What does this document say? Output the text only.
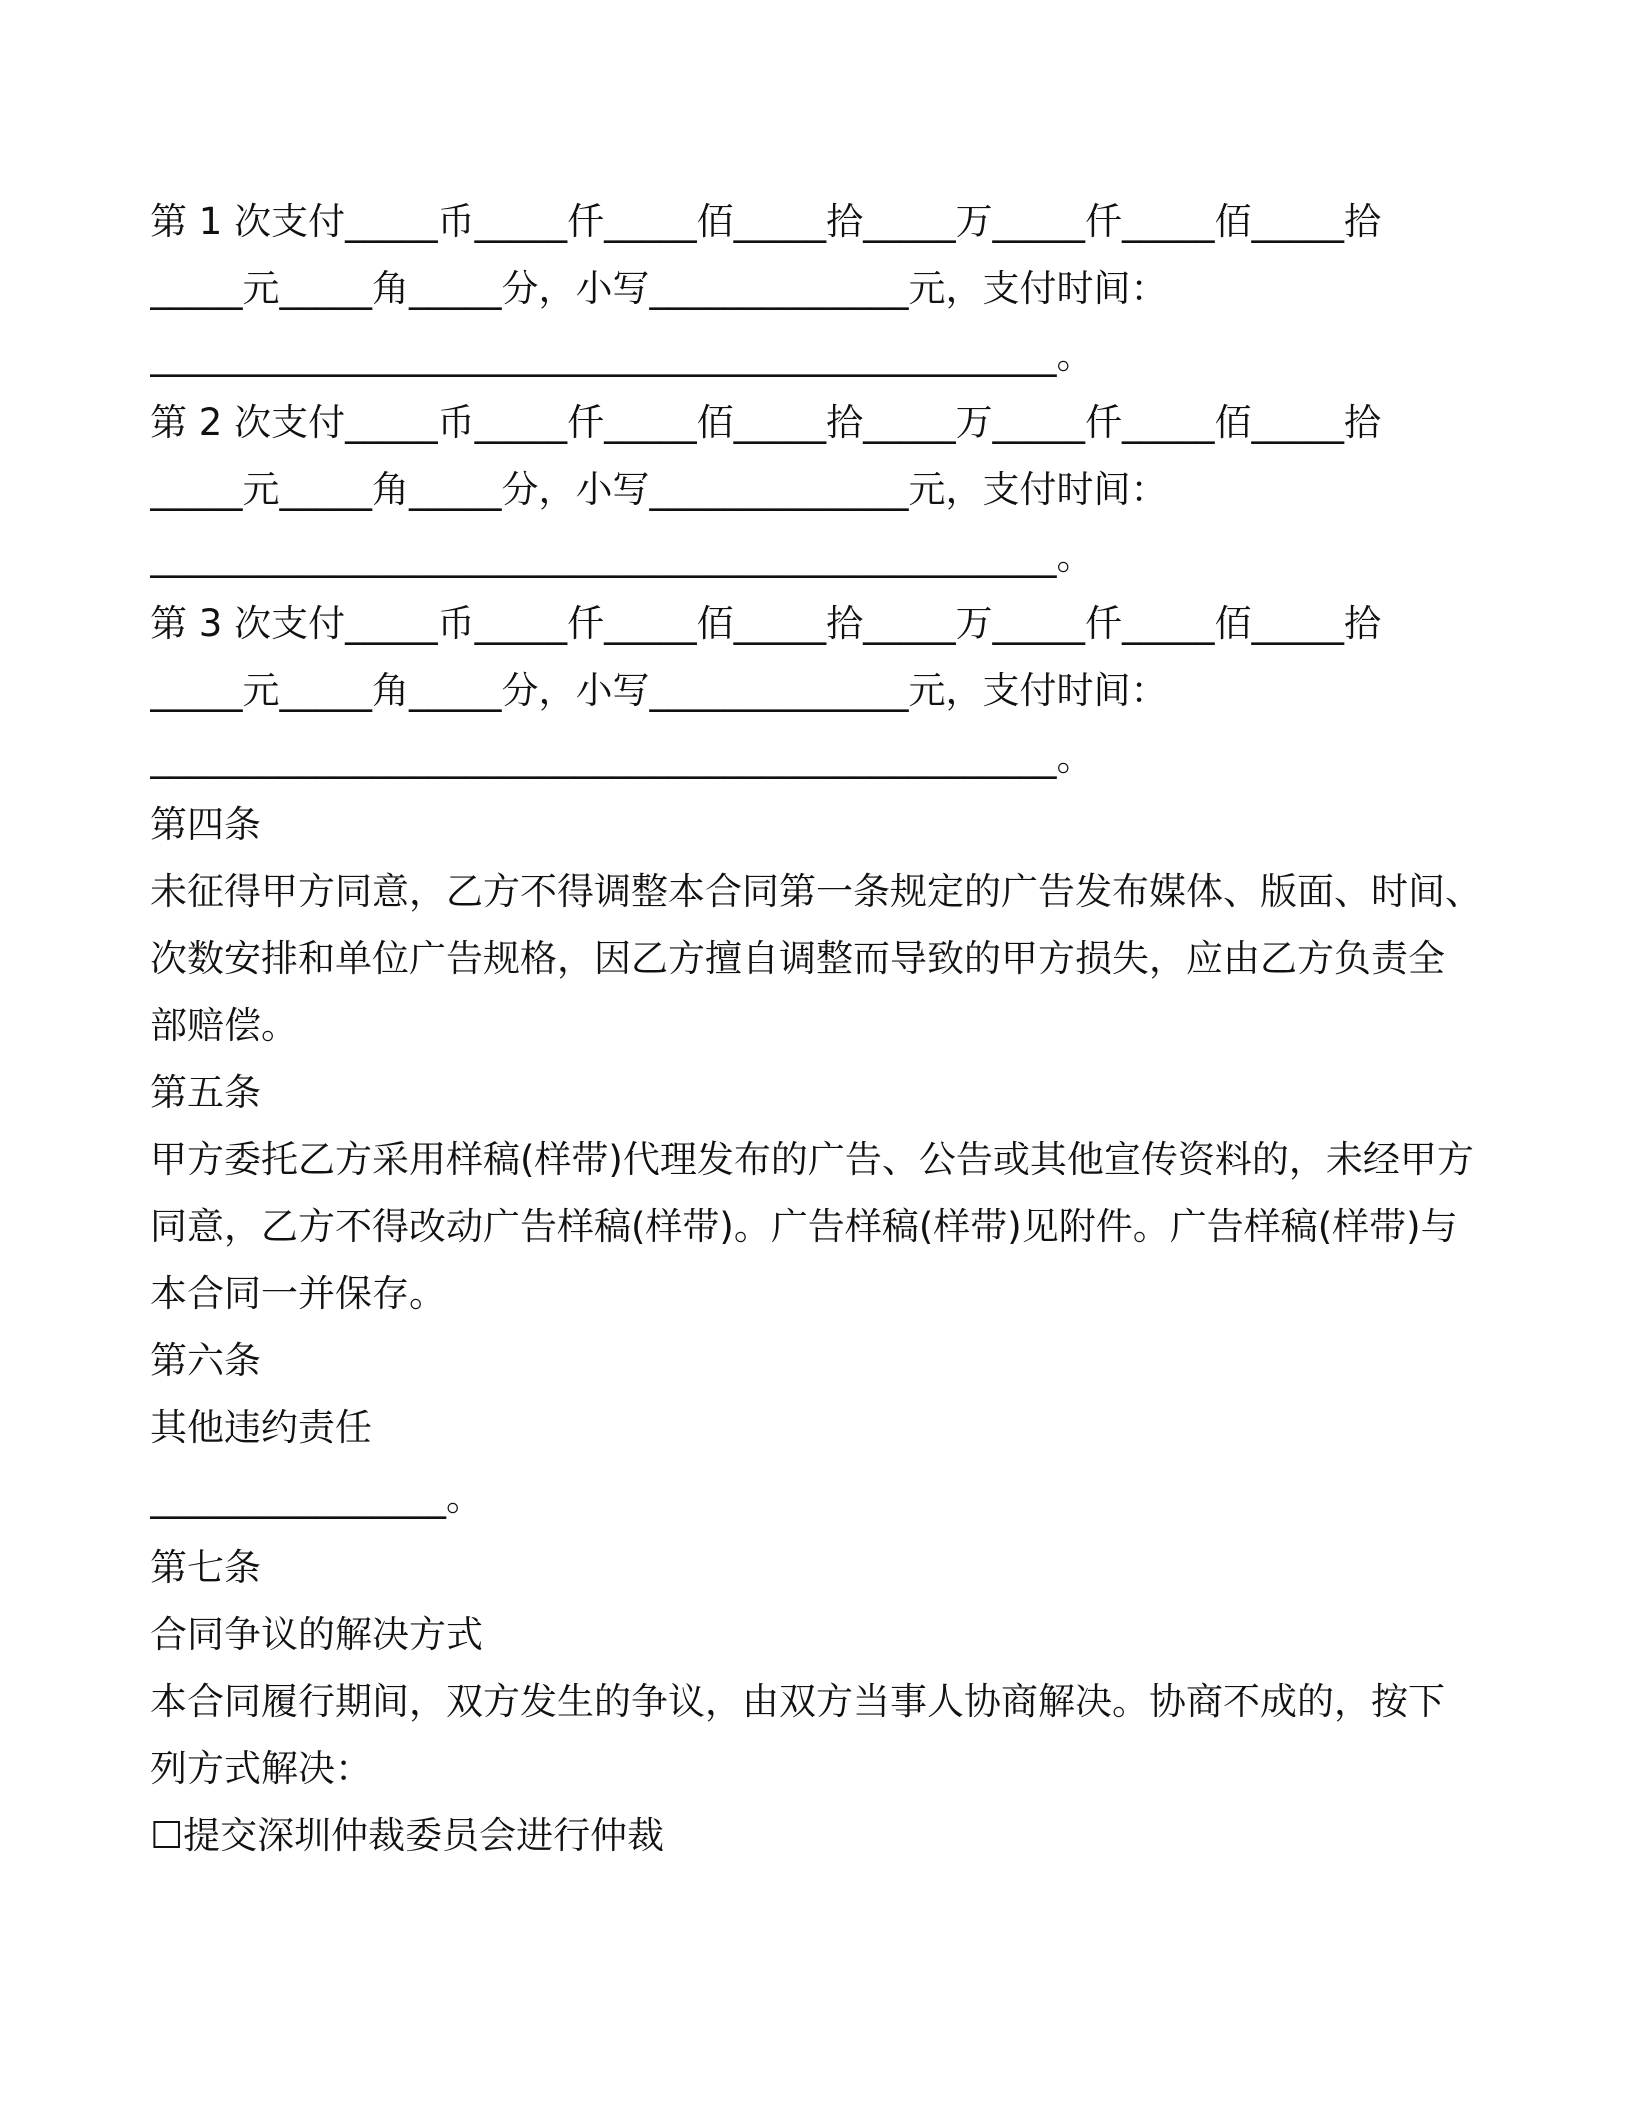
第 1 次支付_____币_____仟_____佰_____拾_____万_____仟_____佰_____拾
_____元_____角_____分，小写______________元，支付时间：
_________________________________________________。
第 2 次支付_____币_____仟_____佰_____拾_____万_____仟_____佰_____拾
_____元_____角_____分，小写______________元，支付时间：
_________________________________________________。
第 3 次支付_____币_____仟_____佰_____拾_____万_____仟_____佰_____拾
_____元_____角_____分，小写______________元，支付时间：
_________________________________________________。
第四条
未征得甲方同意，乙方不得调整本合同第一条规定的广告发布媒体、版面、时间、
次数安排和单位广告规格，因乙方擅自调整而导致的甲方损失，应由乙方负责全
部赔偿。
第五条
甲方委托乙方采用样稿(样带)代理发布的广告、公告或其他宣传资料的，未经甲方
同意，乙方不得改动广告样稿(样带)。广告样稿(样带)见附件。广告样稿(样带)与
本合同一并保存。
第六条
其他违约责任
________________。
第七条
合同争议的解决方式
本合同履行期间，双方发生的争议，由双方当事人协商解决。协商不成的，按下
列方式解决：
☐提交深圳仲裁委员会进行仲裁
